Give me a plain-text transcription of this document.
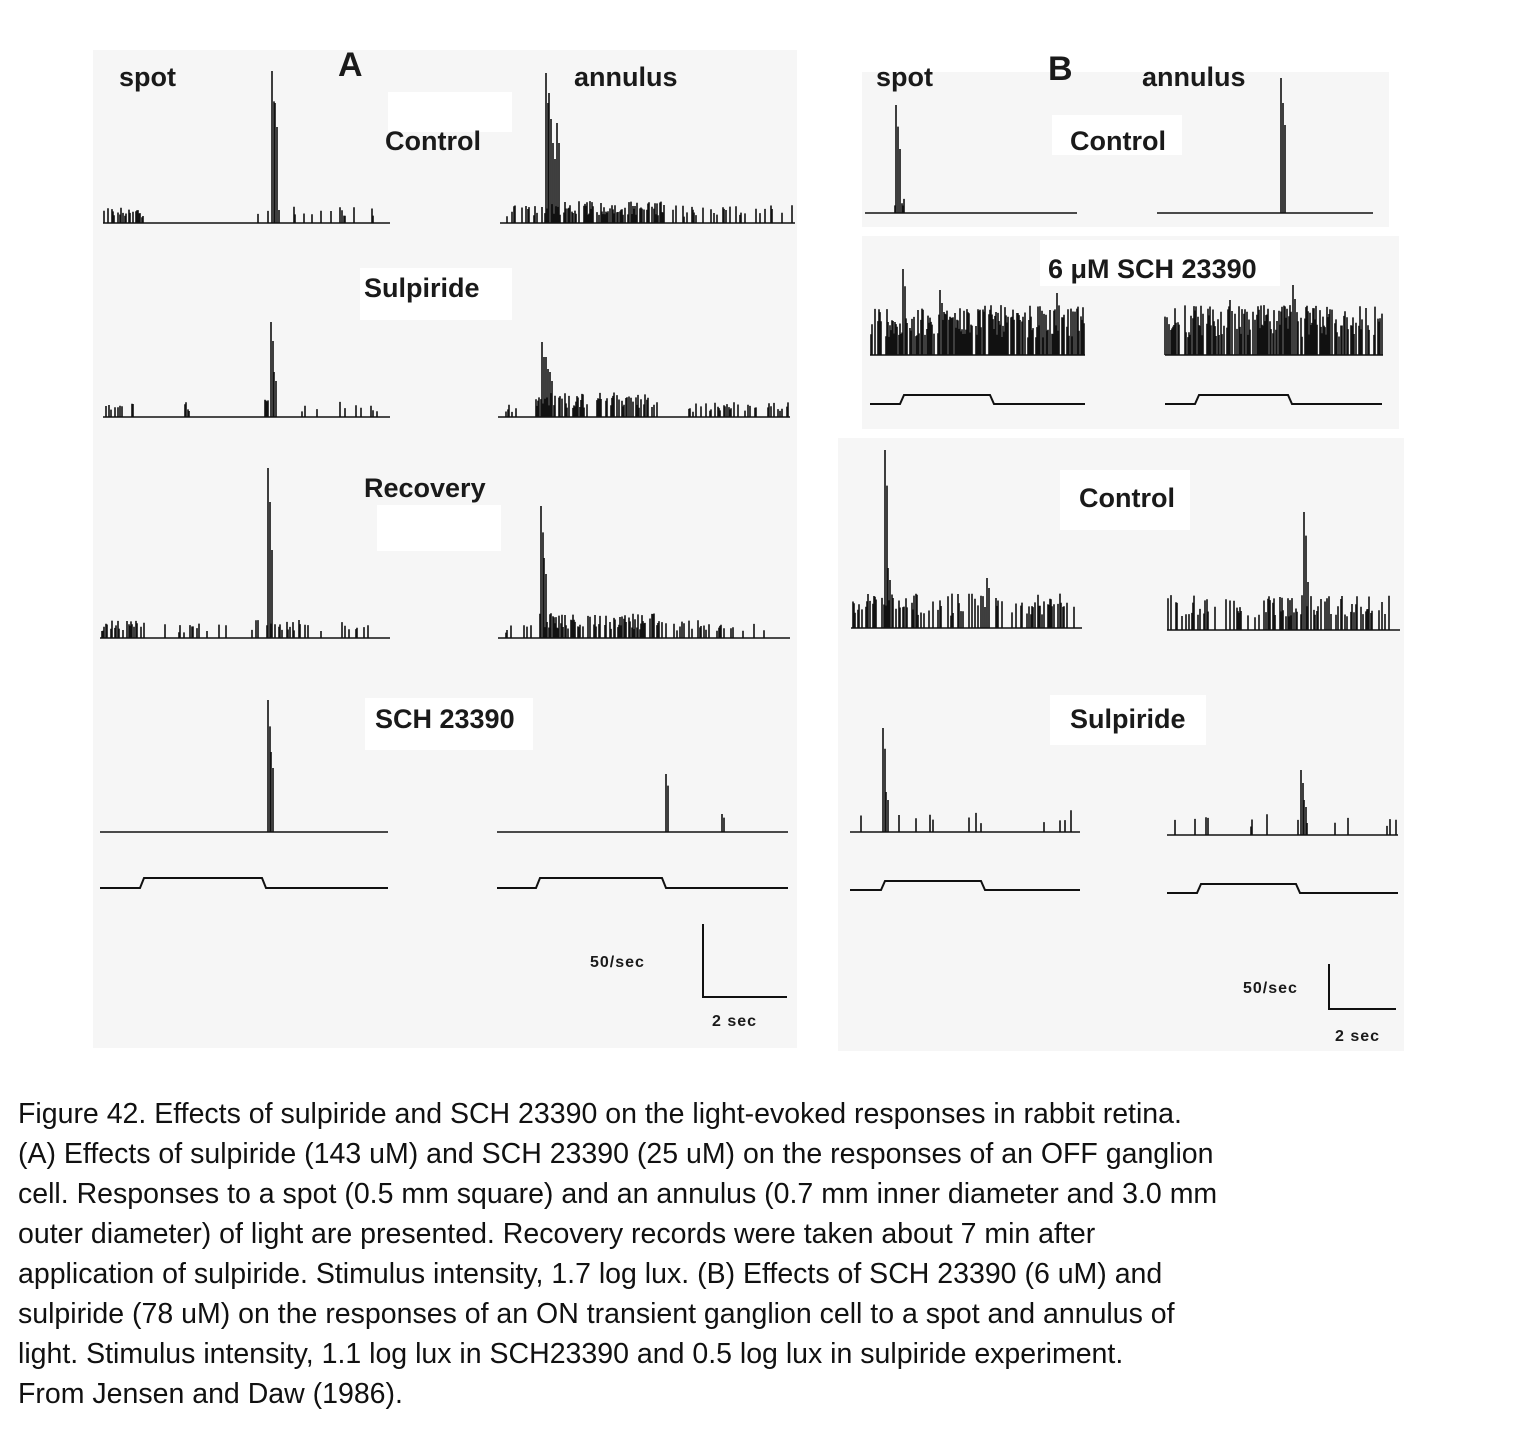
spot	A	annulus
Control
Sulpiride
Recovery
SCH 23390
50/sec
2 sec
spot	B	annulus
Control
6 μM SCH 23390
Control
Sulpiride
50/sec
2 sec
Figure 42. Effects of sulpiride and SCH 23390 on the light-evoked responses in rabbit retina.
(A) Effects of sulpiride (143 uM) and SCH 23390 (25 uM) on the responses of an OFF ganglion
cell. Responses to a spot (0.5 mm square) and an annulus (0.7 mm inner diameter and 3.0 mm
outer diameter) of light are presented. Recovery records were taken about 7 min after
application of sulpiride. Stimulus intensity, 1.7 log lux. (B) Effects of SCH 23390 (6 uM) and
sulpiride (78 uM) on the responses of an ON transient ganglion cell to a spot and annulus of
light. Stimulus intensity, 1.1 log lux in SCH23390 and 0.5 log lux in sulpiride experiment.
From Jensen and Daw (1986).
